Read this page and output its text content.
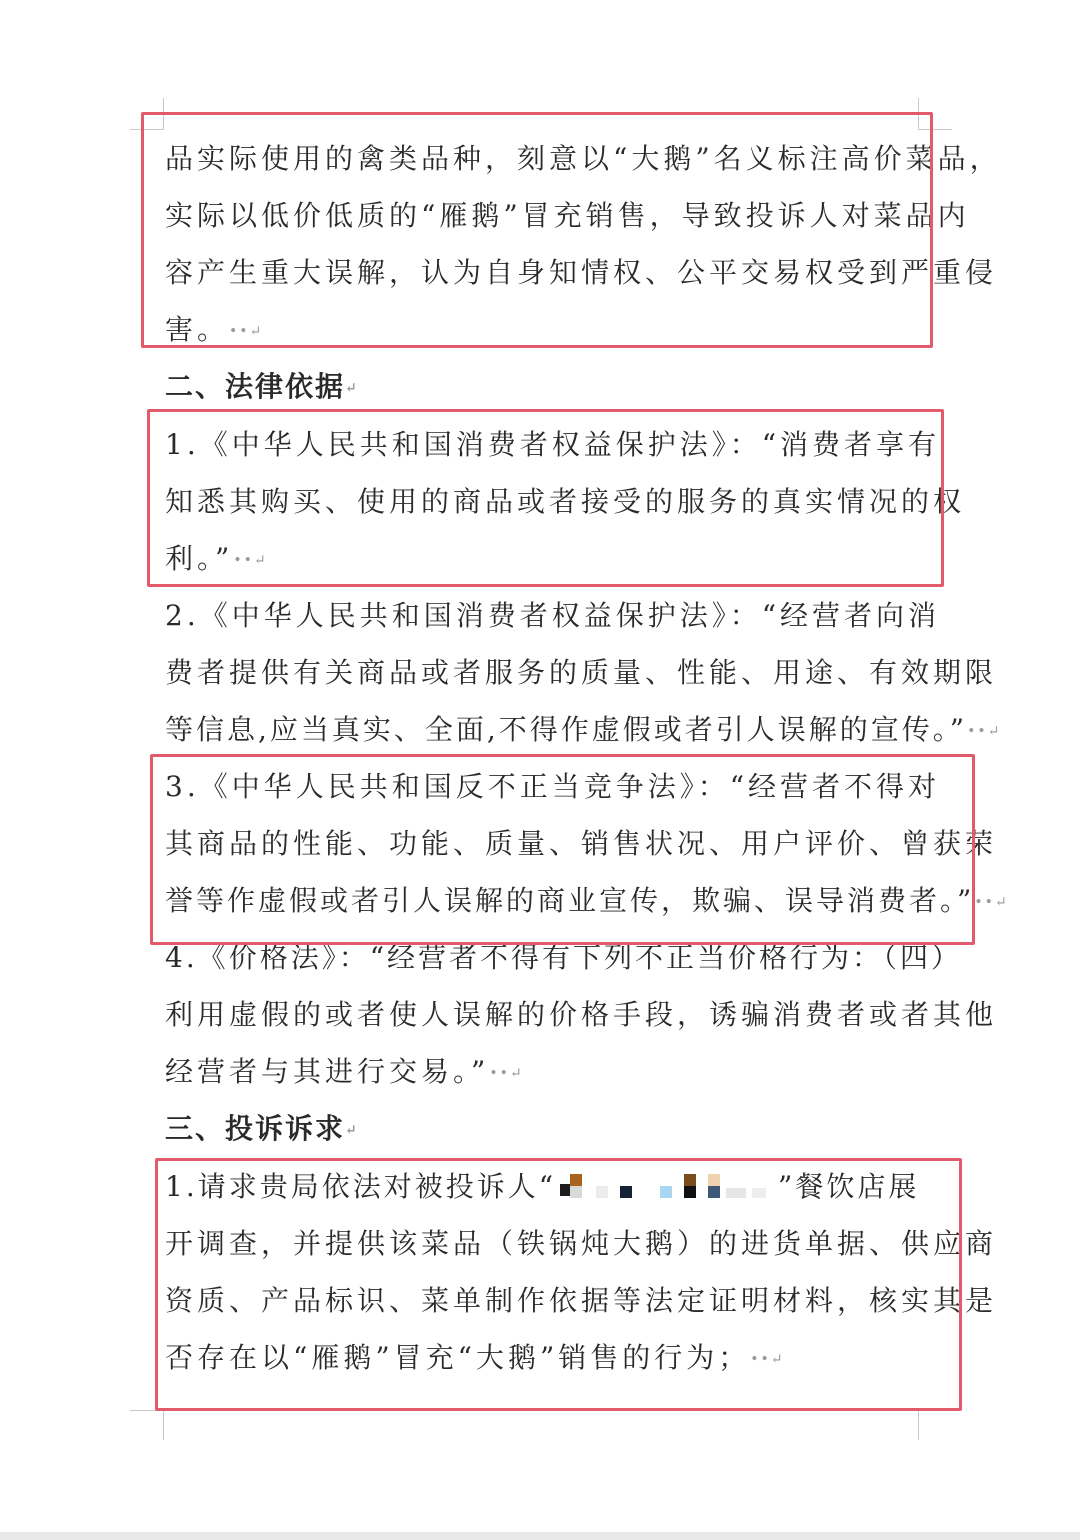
品实际使用的禽类品种，刻意以“大鹅”名义标注高价菜品，
实际以低价低质的“雁鹅”冒充销售，导致投诉人对菜品内
容产生重大误解，认为自身知情权、公平交易权受到严重侵
害。••↵
二、法律依据↵
1.《中华人民共和国消费者权益保护法》：“消费者享有
知悉其购买、使用的商品或者接受的服务的真实情况的权
利。”••↵
2.《中华人民共和国消费者权益保护法》：“经营者向消
费者提供有关商品或者服务的质量、性能、用途、有效期限
等信息,应当真实、全面,不得作虚假或者引人误解的宣传。”••↵
3.《中华人民共和国反不正当竞争法》：“经营者不得对
其商品的性能、功能、质量、销售状况、用户评价、曾获荣
誉等作虚假或者引人误解的商业宣传，欺骗、误导消费者。”••↵
4.《价格法》：“经营者不得有下列不正当价格行为：（四）
利用虚假的或者使人误解的价格手段，诱骗消费者或者其他
经营者与其进行交易。”••↵
三、投诉诉求↵
1.请求贵局依法对被投诉人“	”餐饮店展
开调查，并提供该菜品（铁锅炖大鹅）的进货单据、供应商
资质、产品标识、菜单制作依据等法定证明材料，核实其是
否存在以“雁鹅”冒充“大鹅”销售的行为；••↵
